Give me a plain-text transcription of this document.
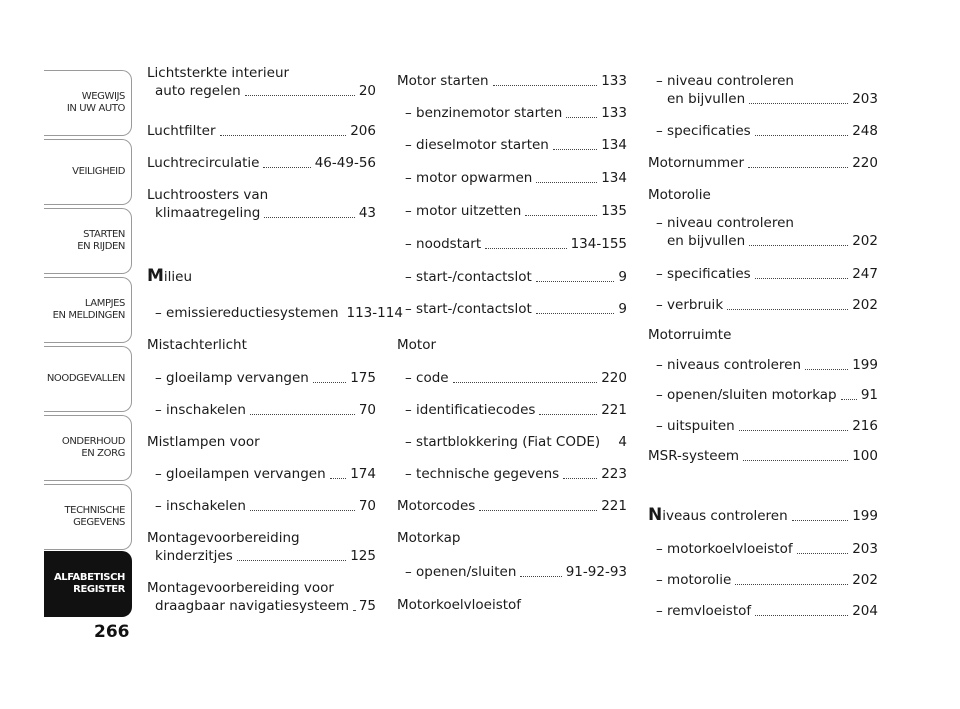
WEGWIJS
IN UW AUTO
VEILIGHEID
STARTEN
EN RIJDEN
LAMPJES
EN MELDINGEN
NOODGEVALLEN
ONDERHOUD
EN ZORG
TECHNISCHE
GEGEVENS
ALFABETISCH
REGISTER
266
Lichtsterkte interieur
auto regelen	20
Luchtfilter	206
Luchtrecirculatie	46-49-56
Luchtroosters van
klimaatregeling	43
Milieu
– emissiereductiesystemen 113-114
Mistachterlicht
– gloeilamp vervangen	175
– inschakelen	70
Mistlampen voor
– gloeilampen vervangen 174
– inschakelen	70
Montagevoorbereiding
kinderzitjes	125
Montagevoorbereiding voor
draagbaar navigatiesysteem 75
Motor starten	133
– benzinemotor starten	133
– dieselmotor starten	134
– motor opwarmen	134
– motor uitzetten	135
– noodstart	134-155
– start-/contactslot	9
– start-/contactslot	9
Motor
– code	220
– identificatiecodes	221
– startblokkering (Fiat CODE) 4
– technische gegevens	223
Motorcodes	221
Motorkap
– openen/sluiten	91-92-93
Motorkoelvloeistof
– niveau controleren
en bijvullen	203
– specificaties	248
Motornummer	220
Motorolie
– niveau controleren
en bijvullen	202
– specificaties	247
– verbruik	202
Motorruimte
– niveaus controleren	199
– openen/sluiten motorkap 91
– uitspuiten	216
MSR-systeem	100
Niveaus controleren	199
– motorkoelvloeistof	203
– motorolie	202
– remvloeistof	204
